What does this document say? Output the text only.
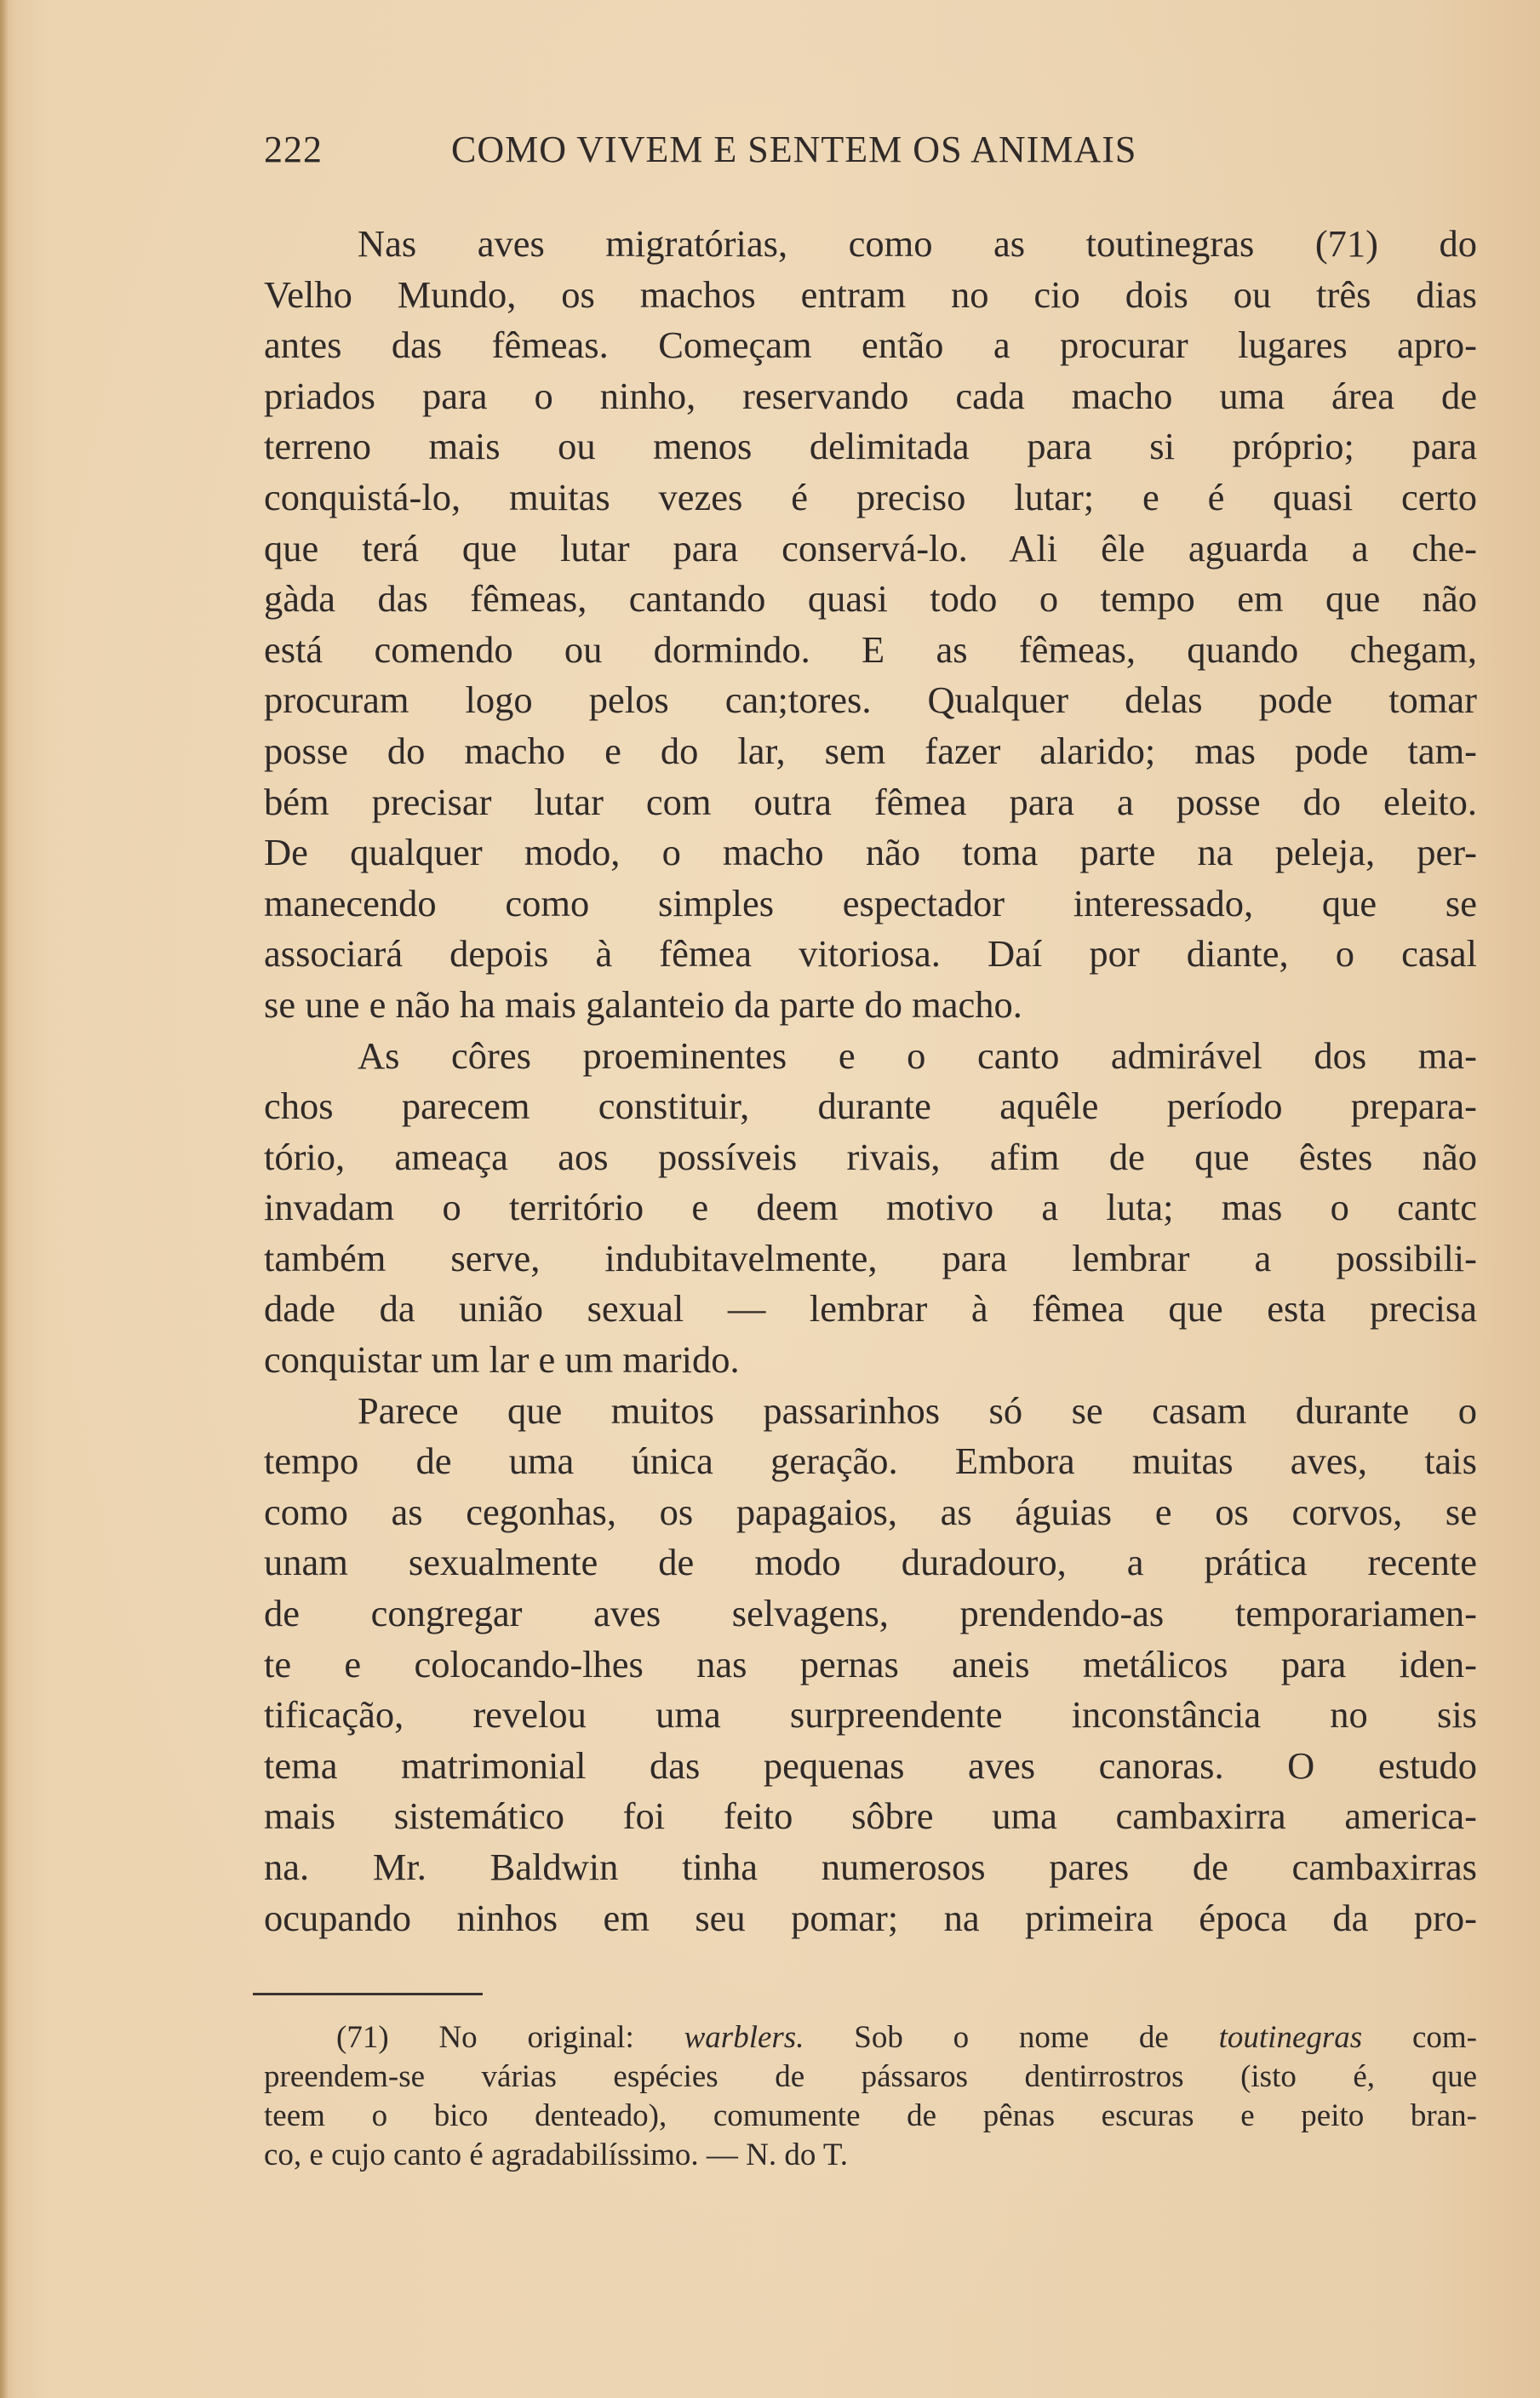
222	COMO VIVEM E SENTEM OS ANIMAIS
Nas aves migratórias, como as toutinegras (71) do
Velho Mundo, os machos entram no cio dois ou três dias
antes das fêmeas. Começam então a procurar lugares apro-
priados para o ninho, reservando cada macho uma área de
terreno mais ou menos delimitada para si próprio; para
conquistá-lo, muitas vezes é preciso lutar; e é quasi certo
que terá que lutar para conservá-lo. Ali êle aguarda a che-
gàda das fêmeas, cantando quasi todo o tempo em que não
está comendo ou dormindo. E as fêmeas, quando chegam,
procuram logo pelos can;tores. Qualquer delas pode tomar
posse do macho e do lar, sem fazer alarido; mas pode tam-
bém precisar lutar com outra fêmea para a posse do eleito.
De qualquer modo, o macho não toma parte na peleja, per-
manecendo como simples espectador interessado, que se
associará depois à fêmea vitoriosa. Daí por diante, o casal
se une e não ha mais galanteio da parte do macho.
As côres proeminentes e o canto admirável dos ma-
chos parecem constituir, durante aquêle período prepara-
tório, ameaça aos possíveis rivais, afim de que êstes não
invadam o território e deem motivo a luta; mas o cantc
também serve, indubitavelmente, para lembrar a possibili-
dade da união sexual — lembrar à fêmea que esta precisa
conquistar um lar e um marido.
Parece que muitos passarinhos só se casam durante o
tempo de uma única geração. Embora muitas aves, tais
como as cegonhas, os papagaios, as águias e os corvos, se
unam sexualmente de modo duradouro, a prática recente
de congregar aves selvagens, prendendo-as temporariamen-
te e colocando-lhes nas pernas aneis metálicos para iden-
tificação, revelou uma surpreendente inconstância no sis
tema matrimonial das pequenas aves canoras. O estudo
mais sistemático foi feito sôbre uma cambaxirra america-
na. Mr. Baldwin tinha numerosos pares de cambaxirras
ocupando ninhos em seu pomar; na primeira época da pro-
(71) No original: warblers. Sob o nome de toutinegras com-
preendem-se várias espécies de pássaros dentirrostros (isto é, que
teem o bico denteado), comumente de pênas escuras e peito bran-
co, e cujo canto é agradabilíssimo. — N. do T.
